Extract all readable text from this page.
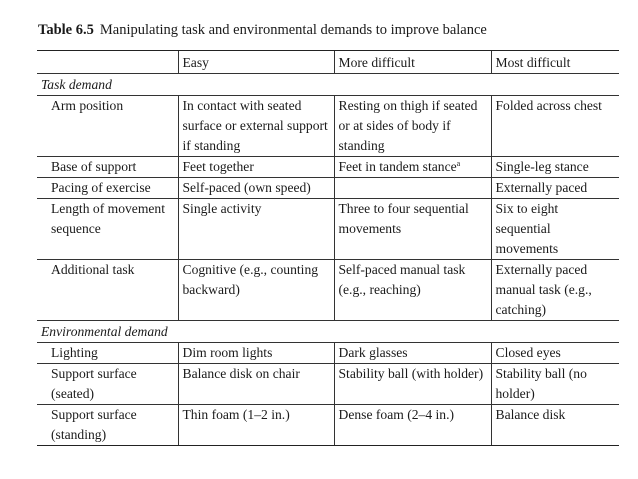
Table 6.5 Manipulating task and environmental demands to improve balance
	Easy	More difficult	Most difficult
Task demand			
Arm position	In contact with seated surface or external support if standing	Resting on thigh if seated or at sides of body if standing	Folded across chest
Base of support	Feet together	Feet in tandem stance$^a$	Single-leg stance
Pacing of exercise	Self-paced (own speed)		Externally paced
Length of movement sequence	Single activity	Three to four sequential movements	Six to eight sequential movements
Additional task	Cognitive (e.g., counting backward)	Self-paced manual task (e.g., reaching)	Externally paced manual task (e.g., catching)
Environmental demand			
Lighting	Dim room lights	Dark glasses	Closed eyes
Support surface (seated)	Balance disk on chair	Stability ball (with holder)	Stability ball (no holder)
Support surface (standing)	Thin foam (1–2 in.)	Dense foam (2–4 in.)	Balance disk
